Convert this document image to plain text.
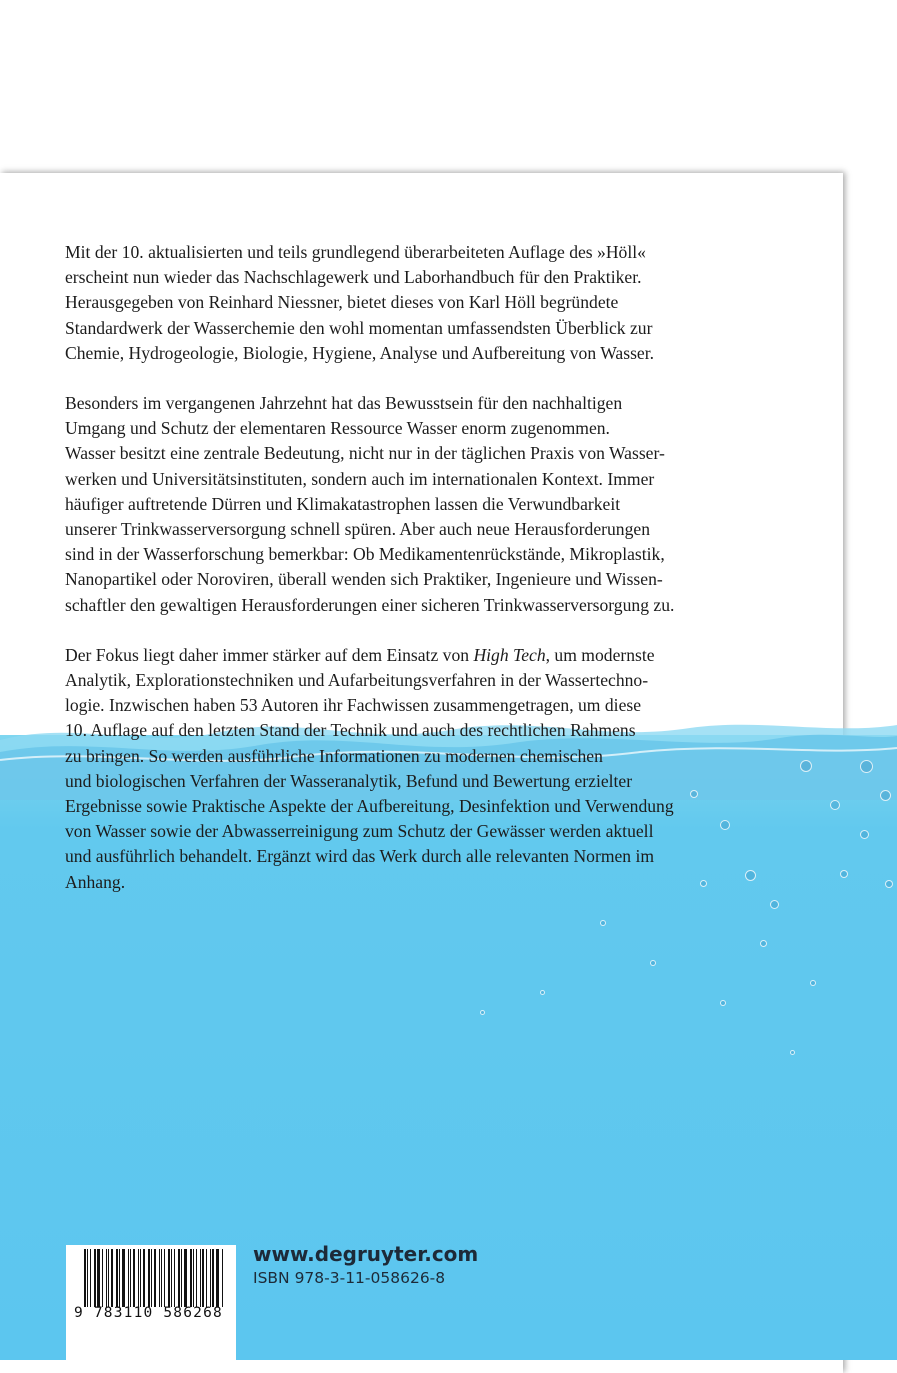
Mit der 10. aktualisierten und teils grundlegend überarbeiteten Auflage des »Höll«
erscheint nun wieder das Nachschlagewerk und Laborhandbuch für den Praktiker.
Herausgegeben von Reinhard Niessner, bietet dieses von Karl Höll begründete
Standardwerk der Wasserchemie den wohl momentan umfassendsten Überblick zur
Chemie, Hydrogeologie, Biologie, Hygiene, Analyse und Aufbereitung von Wasser.

Besonders im vergangenen Jahrzehnt hat das Bewusstsein für den nachhaltigen
Umgang und Schutz der elementaren Ressource Wasser enorm zugenommen.
Wasser besitzt eine zentrale Bedeutung, nicht nur in der täglichen Praxis von Wasser-
werken und Universitätsinstituten, sondern auch im internationalen Kontext. Immer
häufiger auftretende Dürren und Klimakatastrophen lassen die Verwundbarkeit
unserer Trinkwasserversorgung schnell spüren. Aber auch neue Herausforderungen
sind in der Wasserforschung bemerkbar: Ob Medikamentenrückstände, Mikroplastik,
Nanopartikel oder Noroviren, überall wenden sich Praktiker, Ingenieure und Wissen-
schaftler den gewaltigen Herausforderungen einer sicheren Trinkwasserversorgung zu.

Der Fokus liegt daher immer stärker auf dem Einsatz von High Tech, um modernste
Analytik, Explorationstechniken und Aufarbeitungsverfahren in der Wassertechno-
logie. Inzwischen haben 53 Autoren ihr Fachwissen zusammengetragen, um diese
10. Auflage auf den letzten Stand der Technik und auch des rechtlichen Rahmens
zu bringen. So werden ausführliche Informationen zu modernen chemischen
und biologischen Verfahren der Wasseranalytik, Befund und Bewertung erzielter
Ergebnisse sowie Praktische Aspekte der Aufbereitung, Desinfektion und Verwendung
von Wasser sowie der Abwasserreinigung zum Schutz der Gewässer werden aktuell
und ausführlich behandelt. Ergänzt wird das Werk durch alle relevanten Normen im
Anhang.

9 783110 586268
www.degruyter.com
ISBN 978-3-11-058626-8
